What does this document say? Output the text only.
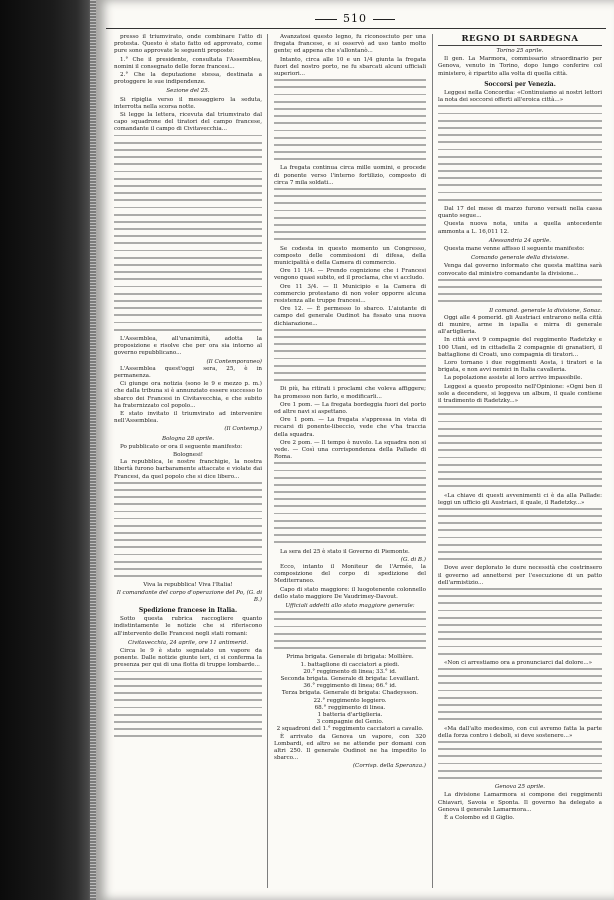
510

presso il triumvirato, onde combinare l'atto di protesta. Questo è stato fatto ed approvato, come pure sono approvate le seguenti proposte:

1.° Che il presidente, consultata l'Assemblea, nomini il consegnato delle forze francesi...

2.° Che la deputazione stessa, destinata a protoggere le sue indipendenze.

Sezione del 25.

Si ripiglia verso il messaggiero la seduta, interrotta nella scorsa notte.

Si legge la lettera, ricevuta dal triumvirato dal capo squadrone del tiratori del campo francese, comandante il campo di Civitavecchia...

L'Assemblea, all'unanimità, adotta la proposizione e risolve che per ora sia intorno al governo repubblicano...

(Il Contemporaneo)

L'Assemblea quest'oggi sera, 25, è in permanenza.

Ci giunge ora notizia (sono le 9 e mezzo p. m.) che dalla tribuna si è annunziato essere successo lo sbarco dei Francesi in Civitavecchia, e che subito ha fraternizzato col popolo...

E stato invitato il triumvirato ad intervenire nell'Assemblea.

(Il Contemp.)
Bologna 28 aprile.

Po pubblicato or ora il seguente manifesto:

Bolognesi!

La repubblica, le nostre franchigie, la nostra libertà furono barbaramente attaccate e violate dai Francesi, da quel popolo che si dice libero...

Viva la repubblica! Viva l'Italia!
Il comandante del corpo d'operazione del Po, (G. di B.)
Spedizione francese in Italia.

Sotto questa rubrica raccogliere quanto indistintamente le notizie che si riferiscono all'intervento delle Francesi negli stati romani:

Civitavecchia, 24 aprile, ore 11 antimerid.

Circa le 9 è stato segnalato un vapore da ponente. Dalle notizie giunte ieri, ci si conferma la presenza per qui di una flotta di truppe lombarde...

Avanzatosi questo legno, fu riconosciuto per una fregata francese, e si osservò ad uso tanto molto gente; ed appena che s'allontanò...

Intanto, circa alle 10 e un 1/4 giunta la fregata fuori del nostro porto, ne fu sbarcati alcuni ufficiali superiori...

La fregata continua circa mille uomini, e procede di ponente verso l'interno fortilizio, composto di circa 7 mila soldati...

Se codesta in questo momento un Congresso, composto delle commissioni di difesa, della municipalità e della Camera di commercio.

Ore 11 1/4. — Prendo cognizione che i Francesi vengono quasi subito, ed il proclama, che vi accludo.

Ore 11 3/4. — Il Municipio e la Camera di commercio protestano di non voler opporre alcuna resistenza alle truppe francesi...

Ore 12. — È permesso lo sbarco. L'aiutante di campo del generale Oudinot ha fissato una nuova dichiarazione...

Di più, ha ritirati i proclami che voleva affiggere; ha promesso non farlo, e modificarli...

Ore 1 pom. — La fregata bordeggia fuori del porto ed altre navi si aspettano.

Ore 1 pom. — La fregata s'appressa in vista di recarsi di ponente-libeccio, vede che v'ha traccia della squadra.

Ore 2 pom. — Il tempo è nuvolo. La squadra non si vede. — Così una corrispondenza della Pallade di Roma.

La sera del 25 è stato il Governo di Piemonte.

(G. di B.)

Ecco, intanto il Moniteur de l'Armée, la composizione del corpo di spedizione del Mediterraneo.

Capo di stato maggiore: il luogotenente colonnello dello stato maggiore De Vaudrimey-Davout.

Ufficiali addetti allo stato maggiore generale:
Prima brigata. Generale di brigata: Mollière.
1. battaglione di cacciatori a piedi.
20.° reggimento di linea; 33.° id.
Seconda brigata. Generale di brigata: Levaillant.
36.° reggimento di linea; 66.° id.
Terza brigata. Generale di brigata: Chadeysson.
22.° reggimento leggiero.
68.° reggimento di linea.
1 batteria d'artiglieria.
3 compagnie del Genio.
2 squadroni del 1.° reggimento cacciatori a cavallo.

È arrivato da Genova un vapore, con 320 Lombardi, ed altro se ne attende per domani con altri 250. Il generale Oudinot ne ha impedito lo sbarco...

(Corrisp. della Speranza.)
REGNO DI SARDEGNA
Torino 25 aprile.

Il gen. La Marmora, commissario straordinario per Genova, venuto in Torino, dopo lungo conferire col ministero, è ripartito alla volta di quella città.

Soccorsi per Venezia.

Leggesi nella Concordia: «Continuiamo ai nostri lettori la nota dei soccorsi offerti all'eroica città...»

Dal 17 del mese di marzo furono versati nella cassa quanto segue...

Questa nuova nota, unita a quella antecedente ammonta a L. 16,011 12.

Alessandria 24 aprile.

Questa mane venne affisso il seguente manifesto:

Comando generale della divisione.

Venga dal governo informato che questa mattina sarà convocato dal ministro comandante la divisione...

Il comand. generale la divisione, Sonaz.

Oggi alle 4 pomerid. gli Austriaci entrarono nella città di munire, arme in ispalla e mirra di generale all'artiglieria.

In città avvi 9 compagnie del reggimento Radetzky e 100 Ulani, ed in cittadella 2 compagnie di granatieri, il battaglione di Croati, uno compagnia di tiratori...

Loro tornano i due reggimenti Aosta, i tiratori e la brigata, e non avvi nemici in Italia cavalleria.

La popolazione assiste al loro arrivo impassibile.

Leggesi a questo proposito nell'Opinione: «Ogni ben il sole a decendere, si leggeva un album, il quale contiene il tradimento di Radetzky...»

«La chiave di questi avvenimenti ci è da alla Pallade: leggi un ufficio gli Austriaci, il quale, il Radetzky...»

Dove aver deplorato le dure necessità che costrinsero il governo ad annettersi per l'esecuzione di un patto dell'armistizio...

«Non ci arrestiamo ora a pronunciarci dal dolore...»

«Ma dall'alto medesimo, con cui avremo fatta la parte della forza contro i deboli, si deve sostenere...»

Genova 25 aprile.

La divisione Lamarmora si compone dei reggimenti Chiavari, Savoia e Sponta. Il governo ha delegato a Genova il generale Lamarmora...

È a Colombo ed il Giglio.
